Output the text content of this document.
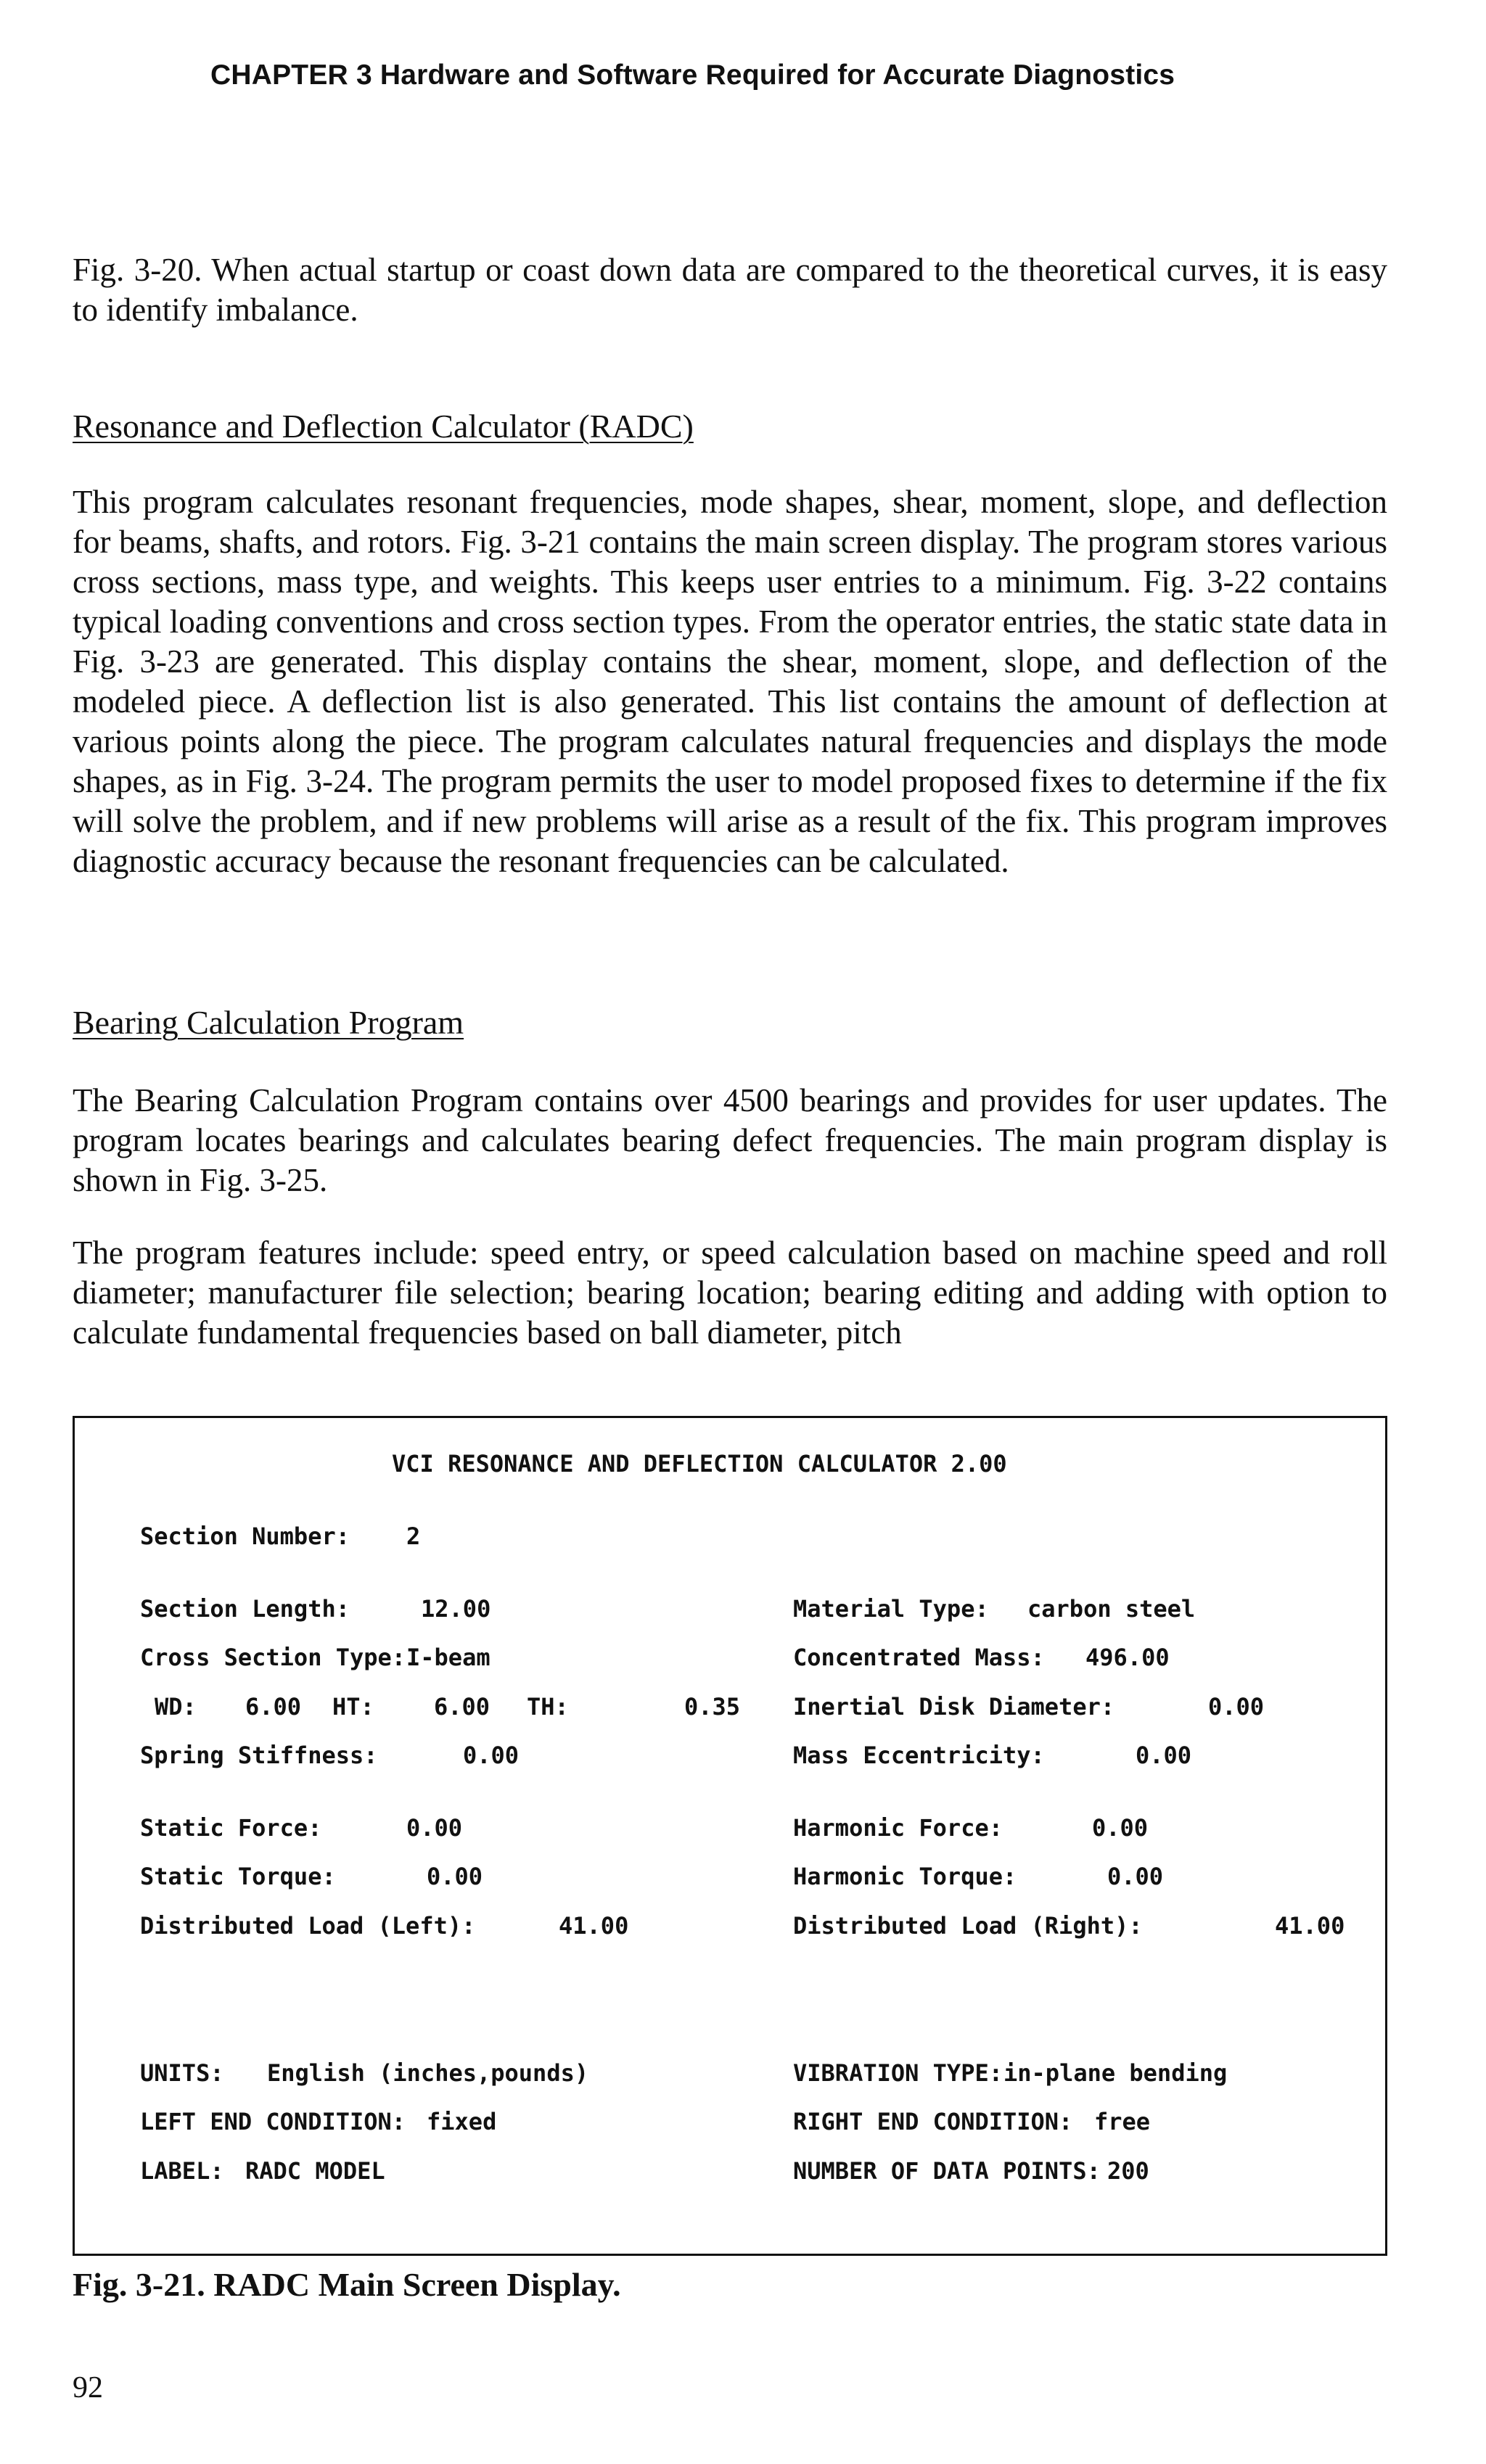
CHAPTER 3 Hardware and Software Required for Accurate Diagnostics

Fig. 3-20. When actual startup or coast down data are compared to the theoretical curves, it is easy to identify imbalance.

Resonance and Deflection Calculator (RADC)

This program calculates resonant frequencies, mode shapes, shear, moment, slope, and deflection for beams, shafts, and rotors. Fig. 3-21 contains the main screen display. The program stores various cross sections, mass type, and weights. This keeps user entries to a minimum. Fig. 3-22 contains typical loading conventions and cross section types. From the operator entries, the static state data in Fig. 3-23 are generated. This display contains the shear, moment, slope, and deflection of the modeled piece. A deflection list is also generated. This list contains the amount of deflection at various points along the piece. The program calculates natural frequencies and displays the mode shapes, as in Fig. 3-24. The program permits the user to model proposed fixes to determine if the fix will solve the problem, and if new problems will arise as a result of the fix. This program improves diagnostic accuracy because the resonant frequencies can be calculated.

Bearing Calculation Program

The Bearing Calculation Program contains over 4500 bearings and provides for user updates. The program locates bearings and calculates bearing defect frequencies. The main program display is shown in Fig. 3-25.

The program features include: speed entry, or speed calculation based on machine speed and roll diameter; manufacturer file selection; bearing location; bearing editing and adding with option to calculate fundamental frequencies based on ball diameter, pitch

VCI RESONANCE AND DEFLECTION CALCULATOR 2.00
Section Number: 2
Section Length:	12.00	Material Type: carbon steel
Cross Section Type: I-beam	Concentrated Mass: 496.00
WD: 6.00 HT:	6.00 TH:	0.35 Inertial Disk Diameter:	0.00
Spring Stiffness:	0.00	Mass Eccentricity:	0.00
Static Force:	0.00	Harmonic Force:	0.00
Static Torque:	0.00	Harmonic Torque:	0.00
Distributed Load (Left):	41.00	Distributed Load (Right):	41.00
UNITS: English (inches,pounds)	VIBRATION TYPE: in-plane bending
LEFT END CONDITION: fixed	RIGHT END CONDITION: free
LABEL: RADC MODEL	NUMBER OF DATA POINTS: 200
Fig. 3-21. RADC Main Screen Display.
92
